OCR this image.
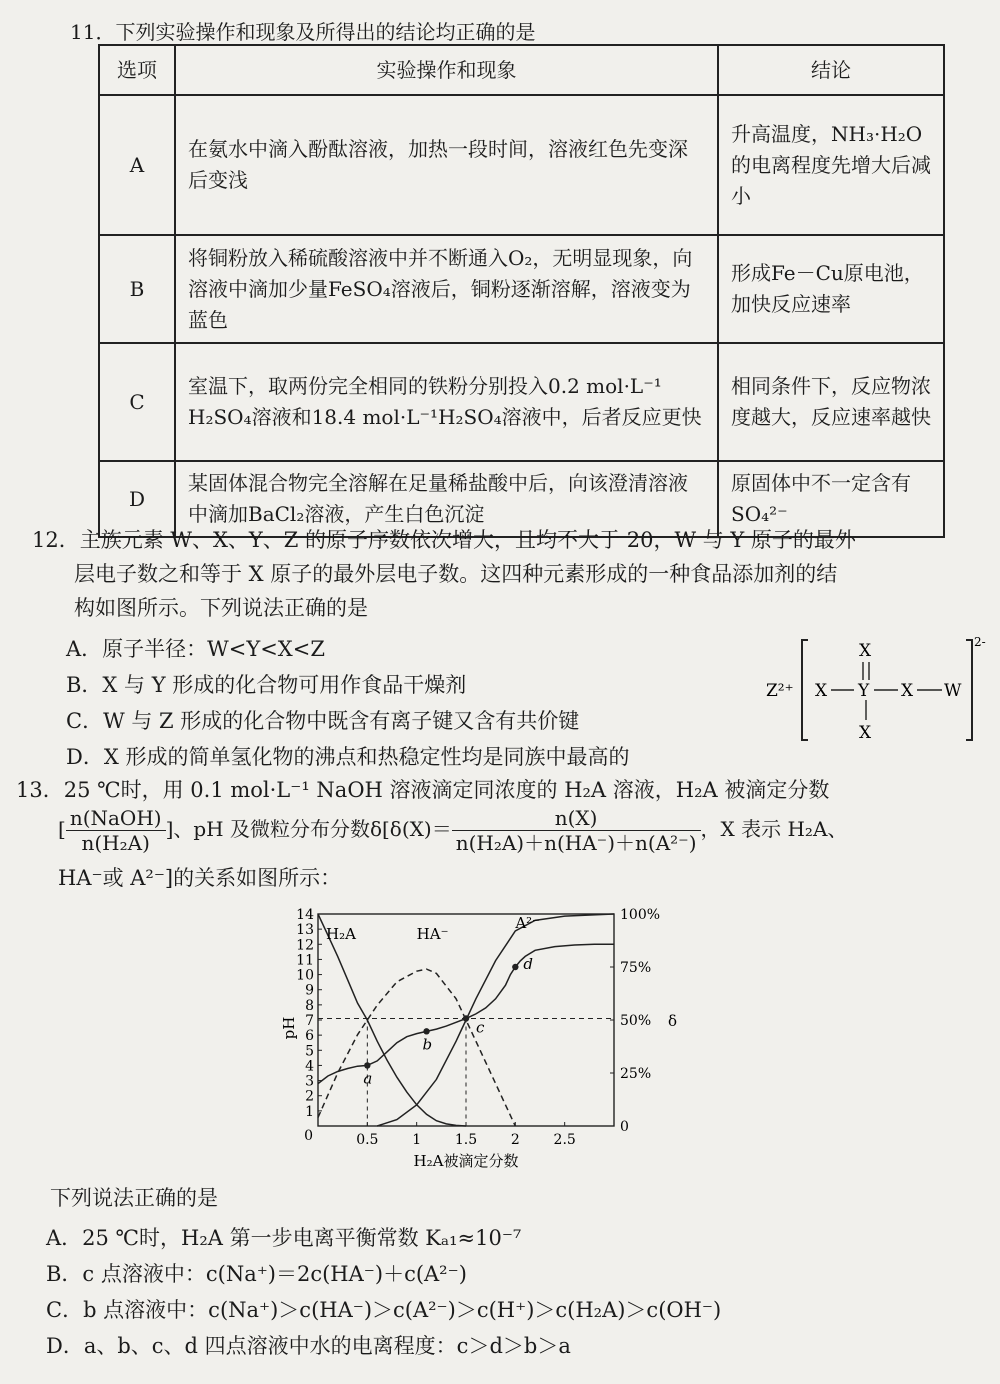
11．下列实验操作和现象及所得出的结论均正确的是
选项	实验操作和现象	结论
A	在氨水中滴入酚酞溶液，加热一段时间，溶液红色先变深后变浅	升高温度，NH₃·H₂O的电离程度先增大后减小
B	将铜粉放入稀硫酸溶液中并不断通入O₂，无明显现象，向溶液中滴加少量FeSO₄溶液后，铜粉逐渐溶解，溶液变为蓝色	形成Fe－Cu原电池，加快反应速率
C	室温下，取两份完全相同的铁粉分别投入0.2 mol·L⁻¹ H₂SO₄溶液和18.4 mol·L⁻¹H₂SO₄溶液中，后者反应更快	相同条件下，反应物浓度越大，反应速率越快
D	某固体混合物完全溶解在足量稀盐酸中后，向该澄清溶液中滴加BaCl₂溶液，产生白色沉淀	原固体中不一定含有SO₄²⁻
12．主族元素 W、X、Y、Z 的原子序数依次增大，且均不大于 20，W 与 Y 原子的最外
层电子数之和等于 X 原子的最外层电子数。这四种元素形成的一种食品添加剂的结
构如图所示。下列说法正确的是
A．原子半径：W<Y<X<Z
B．X 与 Y 形成的化合物可用作食品干燥剂
C．W 与 Z 形成的化合物中既含有离子键又含有共价键
D．X 形成的简单氢化物的沸点和热稳定性均是同族中最高的
Z²⁺
2-
X
X Y X W
X
13．25 ℃时，用 0.1 mol·L⁻¹ NaOH 溶液滴定同浓度的 H₂A 溶液，H₂A 被滴定分数
[ $\frac{\text{n(NaOH)}}{\text{n(H₂A)}}$ ]、pH 及微粒分布分数$\delta[\delta(X)= \frac{n(X)}{\text{n(H₂A)＋n(HA⁻)＋n(A²⁻)}}$ ，X 表示 H₂A、
HA⁻或 A²⁻]的关系如图所示：
1
2
3
4
5
6
7
8
9
10
11
12
13
14
0
0
25%
50%
75%
100%
0.5 1 1.5 2 2.5
pH	δ
H₂A被滴定分数
H₂A	HA⁻
A²⁻
a
b
c
d
下列说法正确的是
A．25 ℃时，H₂A 第一步电离平衡常数 Kₐ₁≈10⁻⁷
B．c 点溶液中：c(Na⁺)＝2c(HA⁻)＋c(A²⁻)
C．b 点溶液中：c(Na⁺)＞c(HA⁻)＞c(A²⁻)＞c(H⁺)＞c(H₂A)＞c(OH⁻)
D．a、b、c、d 四点溶液中水的电离程度：c＞d＞b＞a
